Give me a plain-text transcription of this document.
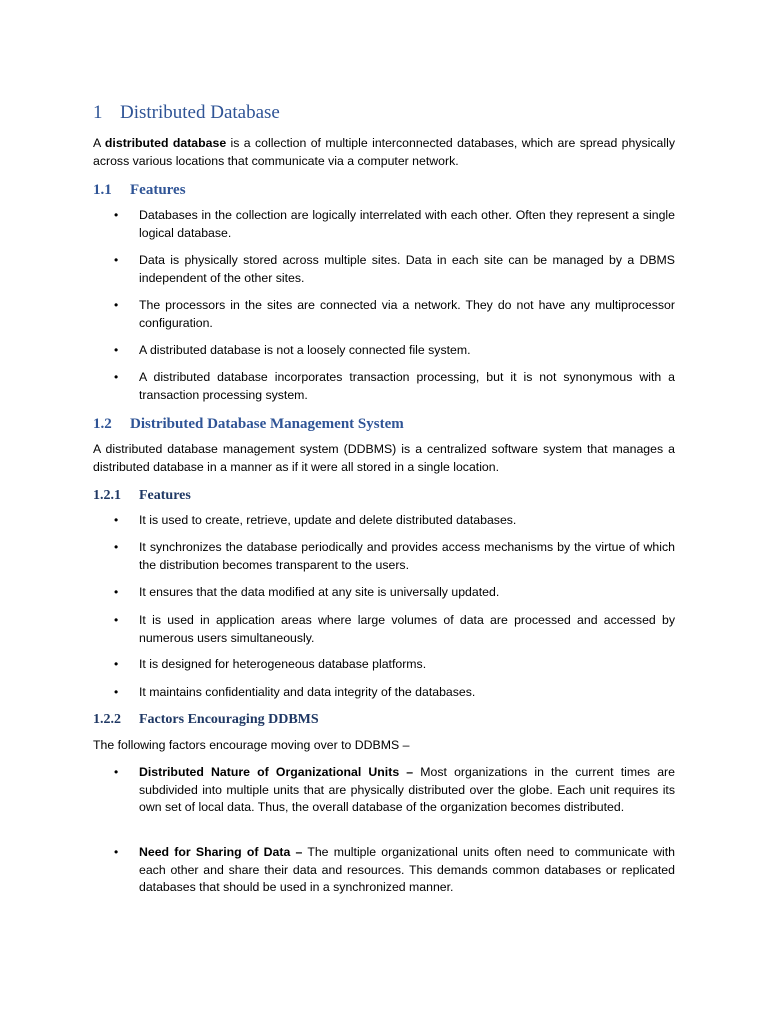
1 Distributed Database

A distributed database is a collection of multiple interconnected databases, which are spread physically across various locations that communicate via a computer network.

1.1 Features
•	Databases in the collection are logically interrelated with each other. Often they represent a single logical database.
•	Data is physically stored across multiple sites. Data in each site can be managed by a DBMS independent of the other sites.
•	The processors in the sites are connected via a network. They do not have any multiprocessor configuration.
•	A distributed database is not a loosely connected file system.
•	A distributed database incorporates transaction processing, but it is not synonymous with a transaction processing system.
1.2 Distributed Database Management System

A distributed database management system (DDBMS) is a centralized software system that manages a distributed database in a manner as if it were all stored in a single location.

1.2.1 Features
•	It is used to create, retrieve, update and delete distributed databases.
•	It synchronizes the database periodically and provides access mechanisms by the virtue of which the distribution becomes transparent to the users.
•	It ensures that the data modified at any site is universally updated.
•	It is used in application areas where large volumes of data are processed and accessed by numerous users simultaneously.
•	It is designed for heterogeneous database platforms.
•	It maintains confidentiality and data integrity of the databases.
1.2.2 Factors Encouraging DDBMS

The following factors encourage moving over to DDBMS –

•	Distributed Nature of Organizational Units – Most organizations in the current times are subdivided into multiple units that are physically distributed over the globe. Each unit requires its own set of local data. Thus, the overall database of the organization becomes distributed.
•	Need for Sharing of Data – The multiple organizational units often need to communicate with each other and share their data and resources. This demands common databases or replicated databases that should be used in a synchronized manner.
